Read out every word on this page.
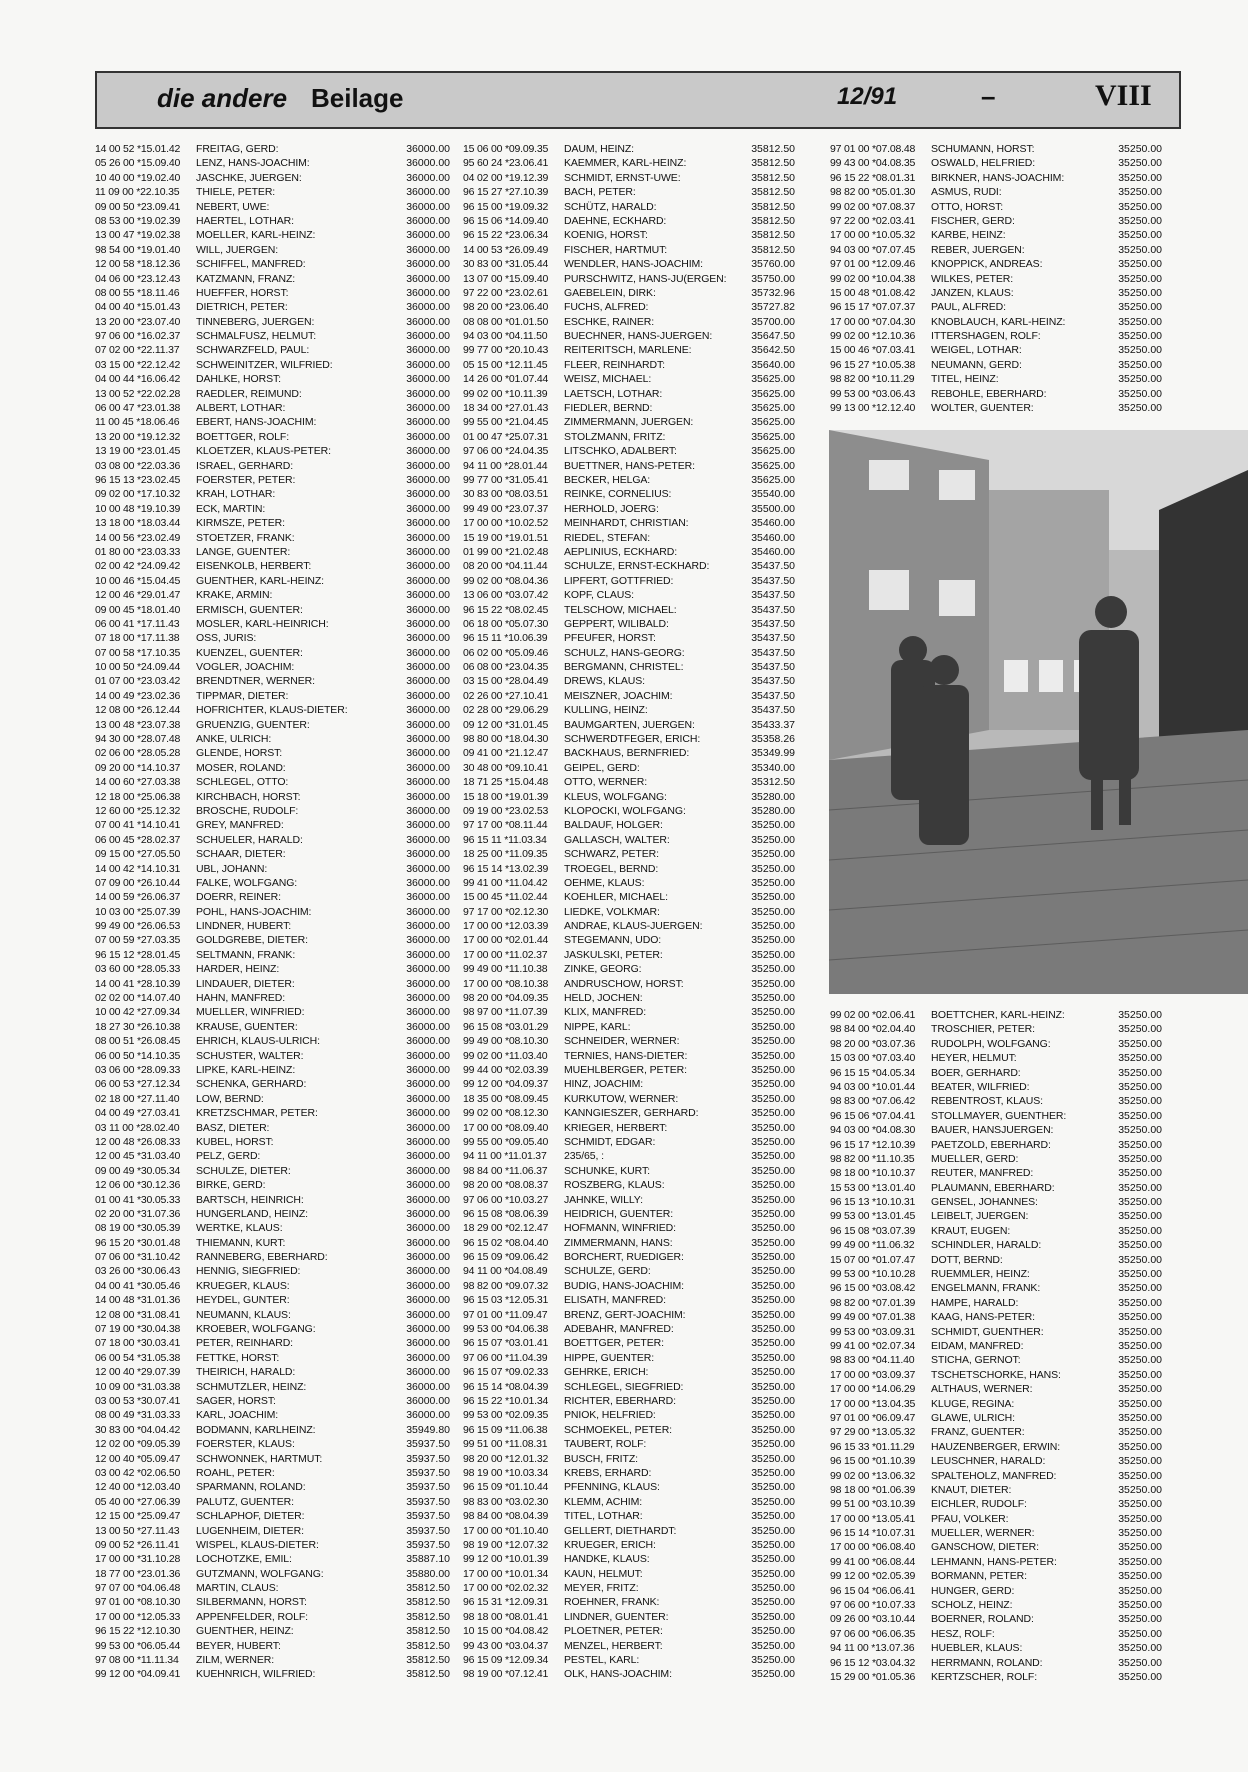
die andere Beilage	12/91	–	VIII
14 00 52 *15.01.42	FREITAG, GERD:	36000.00
05 26 00 *15.09.40	LENZ, HANS-JOACHIM:	36000.00
10 40 00 *19.02.40	JASCHKE, JUERGEN:	36000.00
11 09 00 *22.10.35	THIELE, PETER:	36000.00
09 00 50 *23.09.41	NEBERT, UWE:	36000.00
08 53 00 *19.02.39	HAERTEL, LOTHAR:	36000.00
13 00 47 *19.02.38	MOELLER, KARL-HEINZ:	36000.00
98 54 00 *19.01.40	WILL, JUERGEN:	36000.00
12 00 58 *18.12.36	SCHIFFEL, MANFRED:	36000.00
04 06 00 *23.12.43	KATZMANN, FRANZ:	36000.00
08 00 55 *18.11.46	HUEFFER, HORST:	36000.00
04 00 40 *15.01.43	DIETRICH, PETER:	36000.00
13 20 00 *23.07.40	TINNEBERG, JUERGEN:	36000.00
97 06 00 *16.02.37	SCHMALFUSZ, HELMUT:	36000.00
07 02 00 *22.11.37	SCHWARZFELD, PAUL:	36000.00
03 15 00 *22.12.42	SCHWEINITZER, WILFRIED:	36000.00
04 00 44 *16.06.42	DAHLKE, HORST:	36000.00
13 00 52 *22.02.28	RAEDLER, REIMUND:	36000.00
06 00 47 *23.01.38	ALBERT, LOTHAR:	36000.00
11 00 45 *18.06.46	EBERT, HANS-JOACHIM:	36000.00
13 20 00 *19.12.32	BOETTGER, ROLF:	36000.00
13 19 00 *23.01.45	KLOETZER, KLAUS-PETER:	36000.00
03 08 00 *22.03.36	ISRAEL, GERHARD:	36000.00
96 15 13 *23.02.45	FOERSTER, PETER:	36000.00
09 02 00 *17.10.32	KRAH, LOTHAR:	36000.00
10 00 48 *19.10.39	ECK, MARTIN:	36000.00
13 18 00 *18.03.44	KIRMSZE, PETER:	36000.00
14 00 56 *23.02.49	STOETZER, FRANK:	36000.00
01 80 00 *23.03.33	LANGE, GUENTER:	36000.00
02 00 42 *24.09.42	EISENKOLB, HERBERT:	36000.00
10 00 46 *15.04.45	GUENTHER, KARL-HEINZ:	36000.00
12 00 46 *29.01.47	KRAKE, ARMIN:	36000.00
09 00 45 *18.01.40	ERMISCH, GUENTER:	36000.00
06 00 41 *17.11.43	MOSLER, KARL-HEINRICH:	36000.00
07 18 00 *17.11.38	OSS, JURIS:	36000.00
07 00 58 *17.10.35	KUENZEL, GUENTER:	36000.00
10 00 50 *24.09.44	VOGLER, JOACHIM:	36000.00
01 07 00 *23.03.42	BRENDTNER, WERNER:	36000.00
14 00 49 *23.02.36	TIPPMAR, DIETER:	36000.00
12 08 00 *26.12.44	HOFRICHTER, KLAUS-DIETER:	36000.00
13 00 48 *23.07.38	GRUENZIG, GUENTER:	36000.00
94 30 00 *28.07.48	ANKE, ULRICH:	36000.00
02 06 00 *28.05.28	GLENDE, HORST:	36000.00
09 20 00 *14.10.37	MOSER, ROLAND:	36000.00
14 00 60 *27.03.38	SCHLEGEL, OTTO:	36000.00
12 18 00 *25.06.38	KIRCHBACH, HORST:	36000.00
12 60 00 *25.12.32	BROSCHE, RUDOLF:	36000.00
07 00 41 *14.10.41	GREY, MANFRED:	36000.00
06 00 45 *28.02.37	SCHUELER, HARALD:	36000.00
09 15 00 *27.05.50	SCHAAR, DIETER:	36000.00
14 00 42 *14.10.31	UBL, JOHANN:	36000.00
07 09 00 *26.10.44	FALKE, WOLFGANG:	36000.00
14 00 59 *26.06.37	DOERR, REINER:	36000.00
10 03 00 *25.07.39	POHL, HANS-JOACHIM:	36000.00
99 49 00 *26.06.53	LINDNER, HUBERT:	36000.00
07 00 59 *27.03.35	GOLDGREBE, DIETER:	36000.00
96 15 12 *28.01.45	SELTMANN, FRANK:	36000.00
03 60 00 *28.05.33	HARDER, HEINZ:	36000.00
14 00 41 *28.10.39	LINDAUER, DIETER:	36000.00
02 02 00 *14.07.40	HAHN, MANFRED:	36000.00
10 00 42 *27.09.34	MUELLER, WINFRIED:	36000.00
18 27 30 *26.10.38	KRAUSE, GUENTER:	36000.00
08 00 51 *26.08.45	EHRICH, KLAUS-ULRICH:	36000.00
06 00 50 *14.10.35	SCHUSTER, WALTER:	36000.00
03 06 00 *28.09.33	LIPKE, KARL-HEINZ:	36000.00
06 00 53 *27.12.34	SCHENKA, GERHARD:	36000.00
02 18 00 *27.11.40	LOW, BERND:	36000.00
04 00 49 *27.03.41	KRETZSCHMAR, PETER:	36000.00
03 11 00 *28.02.40	BASZ, DIETER:	36000.00
12 00 48 *26.08.33	KUBEL, HORST:	36000.00
12 00 45 *31.03.40	PELZ, GERD:	36000.00
09 00 49 *30.05.34	SCHULZE, DIETER:	36000.00
12 06 00 *30.12.36	BIRKE, GERD:	36000.00
01 00 41 *30.05.33	BARTSCH, HEINRICH:	36000.00
02 20 00 *31.07.36	HUNGERLAND, HEINZ:	36000.00
08 19 00 *30.05.39	WERTKE, KLAUS:	36000.00
96 15 20 *30.01.48	THIEMANN, KURT:	36000.00
07 06 00 *31.10.42	RANNEBERG, EBERHARD:	36000.00
03 26 00 *30.06.43	HENNIG, SIEGFRIED:	36000.00
04 00 41 *30.05.46	KRUEGER, KLAUS:	36000.00
14 00 48 *31.01.36	HEYDEL, GUNTER:	36000.00
12 08 00 *31.08.41	NEUMANN, KLAUS:	36000.00
07 19 00 *30.04.38	KROEBER, WOLFGANG:	36000.00
07 18 00 *30.03.41	PETER, REINHARD:	36000.00
06 00 54 *31.05.38	FETTKE, HORST:	36000.00
12 00 40 *29.07.39	THEIRICH, HARALD:	36000.00
10 09 00 *31.03.38	SCHMUTZLER, HEINZ:	36000.00
03 00 53 *30.07.41	SAGER, HORST:	36000.00
08 00 49 *31.03.33	KARL, JOACHIM:	36000.00
30 83 00 *04.04.42	BODMANN, KARLHEINZ:	35949.80
12 02 00 *09.05.39	FOERSTER, KLAUS:	35937.50
12 00 40 *05.09.47	SCHWONNEK, HARTMUT:	35937.50
03 00 42 *02.06.50	ROAHL, PETER:	35937.50
12 40 00 *12.03.40	SPARMANN, ROLAND:	35937.50
05 40 00 *27.06.39	PALUTZ, GUENTER:	35937.50
12 15 00 *25.09.47	SCHLAPHOF, DIETER:	35937.50
13 00 50 *27.11.43	LUGENHEIM, DIETER:	35937.50
09 00 52 *26.11.41	WISPEL, KLAUS-DIETER:	35937.50
17 00 00 *31.10.28	LOCHOTZKE, EMIL:	35887.10
18 77 00 *23.01.36	GUTZMANN, WOLFGANG:	35880.00
97 07 00 *04.06.48	MARTIN, CLAUS:	35812.50
97 01 00 *08.10.30	SILBERMANN, HORST:	35812.50
17 00 00 *12.05.33	APPENFELDER, ROLF:	35812.50
96 15 22 *12.10.30	GUENTHER, HEINZ:	35812.50
99 53 00 *06.05.44	BEYER, HUBERT:	35812.50
97 08 00 *11.11.34	ZILM, WERNER:	35812.50
99 12 00 *04.09.41	KUEHNRICH, WILFRIED:	35812.50
15 06 00 *09.09.35	DAUM, HEINZ:	35812.50
95 60 24 *23.06.41	KAEMMER, KARL-HEINZ:	35812.50
04 02 00 *19.12.39	SCHMIDT, ERNST-UWE:	35812.50
96 15 27 *27.10.39	BACH, PETER:	35812.50
96 15 00 *19.09.32	SCHÜTZ, HARALD:	35812.50
96 15 06 *14.09.40	DAEHNE, ECKHARD:	35812.50
96 15 22 *23.06.34	KOENIG, HORST:	35812.50
14 00 53 *26.09.49	FISCHER, HARTMUT:	35812.50
30 83 00 *31.05.44	WENDLER, HANS-JOACHIM:	35760.00
13 07 00 *15.09.40	PURSCHWITZ, HANS-JU(ERGEN:	35750.00
97 22 00 *23.02.61	GAEBELEIN, DIRK:	35732.96
98 20 00 *23.06.40	FUCHS, ALFRED:	35727.82
08 08 00 *01.01.50	ESCHKE, RAINER:	35700.00
94 03 00 *04.11.50	BUECHNER, HANS-JUERGEN:	35647.50
99 77 00 *20.10.43	REITERITSCH, MARLENE:	35642.50
05 15 00 *12.11.45	FLEER, REINHARDT:	35640.00
14 26 00 *01.07.44	WEISZ, MICHAEL:	35625.00
99 02 00 *10.11.39	LAETSCH, LOTHAR:	35625.00
18 34 00 *27.01.43	FIEDLER, BERND:	35625.00
99 55 00 *21.04.45	ZIMMERMANN, JUERGEN:	35625.00
01 00 47 *25.07.31	STOLZMANN, FRITZ:	35625.00
97 06 00 *24.04.35	LITSCHKO, ADALBERT:	35625.00
94 11 00 *28.01.44	BUETTNER, HANS-PETER:	35625.00
99 77 00 *31.05.41	BECKER, HELGA:	35625.00
30 83 00 *08.03.51	REINKE, CORNELIUS:	35540.00
99 49 00 *23.07.37	HERHOLD, JOERG:	35500.00
17 00 00 *10.02.52	MEINHARDT, CHRISTIAN:	35460.00
15 19 00 *19.01.51	RIEDEL, STEFAN:	35460.00
01 99 00 *21.02.48	AEPLINIUS, ECKHARD:	35460.00
08 20 00 *04.11.44	SCHULZE, ERNST-ECKHARD:	35437.50
99 02 00 *08.04.36	LIPFERT, GOTTFRIED:	35437.50
13 06 00 *03.07.42	KOPF, CLAUS:	35437.50
96 15 22 *08.02.45	TELSCHOW, MICHAEL:	35437.50
06 18 00 *05.07.30	GEPPERT, WILIBALD:	35437.50
96 15 11 *10.06.39	PFEUFER, HORST:	35437.50
06 02 00 *05.09.46	SCHULZ, HANS-GEORG:	35437.50
06 08 00 *23.04.35	BERGMANN, CHRISTEL:	35437.50
03 15 00 *28.04.49	DREWS, KLAUS:	35437.50
02 26 00 *27.10.41	MEISZNER, JOACHIM:	35437.50
02 28 00 *29.06.29	KULLING, HEINZ:	35437.50
09 12 00 *31.01.45	BAUMGARTEN, JUERGEN:	35433.37
98 80 00 *18.04.30	SCHWERDTFEGER, ERICH:	35358.26
09 41 00 *21.12.47	BACKHAUS, BERNFRIED:	35349.99
30 48 00 *09.10.41	GEIPEL, GERD:	35340.00
18 71 25 *15.04.48	OTTO, WERNER:	35312.50
15 18 00 *19.01.39	KLEUS, WOLFGANG:	35280.00
09 19 00 *23.02.53	KLOPOCKI, WOLFGANG:	35280.00
97 17 00 *08.11.44	BALDAUF, HOLGER:	35250.00
96 15 11 *11.03.34	GALLASCH, WALTER:	35250.00
18 25 00 *11.09.35	SCHWARZ, PETER:	35250.00
96 15 14 *13.02.39	TROEGEL, BERND:	35250.00
99 41 00 *11.04.42	OEHME, KLAUS:	35250.00
15 00 45 *11.02.44	KOEHLER, MICHAEL:	35250.00
97 17 00 *02.12.30	LIEDKE, VOLKMAR:	35250.00
17 00 00 *12.03.39	ANDRAE, KLAUS-JUERGEN:	35250.00
17 00 00 *02.01.44	STEGEMANN, UDO:	35250.00
17 00 00 *11.02.37	JASKULSKI, PETER:	35250.00
99 49 00 *11.10.38	ZINKE, GEORG:	35250.00
17 00 00 *08.10.38	ANDRUSCHOW, HORST:	35250.00
98 20 00 *04.09.35	HELD, JOCHEN:	35250.00
98 97 00 *11.07.39	KLIX, MANFRED:	35250.00
96 15 08 *03.01.29	NIPPE, KARL:	35250.00
99 49 00 *08.10.30	SCHNEIDER, WERNER:	35250.00
99 02 00 *11.03.40	TERNIES, HANS-DIETER:	35250.00
99 44 00 *02.03.39	MUEHLBERGER, PETER:	35250.00
99 12 00 *04.09.37	HINZ, JOACHIM:	35250.00
18 35 00 *08.09.45	KURKUTOW, WERNER:	35250.00
99 02 00 *08.12.30	KANNGIESZER, GERHARD:	35250.00
17 00 00 *08.09.40	KRIEGER, HERBERT:	35250.00
99 55 00 *09.05.40	SCHMIDT, EDGAR:	35250.00
94 11 00 *11.01.37	235/65, :	35250.00
98 84 00 *11.06.37	SCHUNKE, KURT:	35250.00
98 20 00 *08.08.37	ROSZBERG, KLAUS:	35250.00
97 06 00 *10.03.27	JAHNKE, WILLY:	35250.00
96 15 08 *08.06.39	HEIDRICH, GUENTER:	35250.00
18 29 00 *02.12.47	HOFMANN, WINFRIED:	35250.00
96 15 02 *08.04.40	ZIMMERMANN, HANS:	35250.00
96 15 09 *09.06.42	BORCHERT, RUEDIGER:	35250.00
94 11 00 *04.08.49	SCHULZE, GERD:	35250.00
98 82 00 *09.07.32	BUDIG, HANS-JOACHIM:	35250.00
96 15 03 *12.05.31	ELISATH, MANFRED:	35250.00
97 01 00 *11.09.47	BRENZ, GERT-JOACHIM:	35250.00
99 53 00 *04.06.38	ADEBAHR, MANFRED:	35250.00
96 15 07 *03.01.41	BOETTGER, PETER:	35250.00
97 06 00 *11.04.39	HIPPE, GUENTER:	35250.00
96 15 07 *09.02.33	GEHRKE, ERICH:	35250.00
96 15 14 *08.04.39	SCHLEGEL, SIEGFRIED:	35250.00
96 15 22 *10.01.34	RICHTER, EBERHARD:	35250.00
99 53 00 *02.09.35	PNIOK, HELFRIED:	35250.00
96 15 09 *11.06.38	SCHMOEKEL, PETER:	35250.00
99 51 00 *11.08.31	TAUBERT, ROLF:	35250.00
98 20 00 *12.01.32	BUSCH, FRITZ:	35250.00
98 19 00 *10.03.34	KREBS, ERHARD:	35250.00
96 15 09 *01.10.44	PFENNING, KLAUS:	35250.00
98 83 00 *03.02.30	KLEMM, ACHIM:	35250.00
98 84 00 *08.04.39	TITEL, LOTHAR:	35250.00
17 00 00 *01.10.40	GELLERT, DIETHARDT:	35250.00
98 19 00 *12.07.32	KRUEGER, ERICH:	35250.00
99 12 00 *10.01.39	HANDKE, KLAUS:	35250.00
17 00 00 *10.01.34	KAUN, HELMUT:	35250.00
17 00 00 *02.02.32	MEYER, FRITZ:	35250.00
96 15 31 *12.09.31	ROEHNER, FRANK:	35250.00
98 18 00 *08.01.41	LINDNER, GUENTER:	35250.00
10 15 00 *04.08.42	PLOETNER, PETER:	35250.00
99 43 00 *03.04.37	MENZEL, HERBERT:	35250.00
96 15 09 *12.09.34	PESTEL, KARL:	35250.00
98 19 00 *07.12.41	OLK, HANS-JOACHIM:	35250.00
97 01 00 *07.08.48	SCHUMANN, HORST:	35250.00
99 43 00 *04.08.35	OSWALD, HELFRIED:	35250.00
96 15 22 *08.01.31	BIRKNER, HANS-JOACHIM:	35250.00
98 82 00 *05.01.30	ASMUS, RUDI:	35250.00
99 02 00 *07.08.37	OTTO, HORST:	35250.00
97 22 00 *02.03.41	FISCHER, GERD:	35250.00
17 00 00 *10.05.32	KARBE, HEINZ:	35250.00
94 03 00 *07.07.45	REBER, JUERGEN:	35250.00
97 01 00 *12.09.46	KNOPPICK, ANDREAS:	35250.00
99 02 00 *10.04.38	WILKES, PETER:	35250.00
15 00 48 *01.08.42	JANZEN, KLAUS:	35250.00
96 15 17 *07.07.37	PAUL, ALFRED:	35250.00
17 00 00 *07.04.30	KNOBLAUCH, KARL-HEINZ:	35250.00
99 02 00 *12.10.36	ITTERSHAGEN, ROLF:	35250.00
15 00 46 *07.03.41	WEIGEL, LOTHAR:	35250.00
96 15 27 *10.05.38	NEUMANN, GERD:	35250.00
98 82 00 *10.11.29	TITEL, HEINZ:	35250.00
99 53 00 *03.06.43	REBOHLE, EBERHARD:	35250.00
99 13 00 *12.12.40	WOLTER, GUENTER:	35250.00
99 02 00 *02.06.41	BOETTCHER, KARL-HEINZ:	35250.00
98 84 00 *02.04.40	TROSCHIER, PETER:	35250.00
98 20 00 *03.07.36	RUDOLPH, WOLFGANG:	35250.00
15 03 00 *07.03.40	HEYER, HELMUT:	35250.00
96 15 15 *04.05.34	BOER, GERHARD:	35250.00
94 03 00 *10.01.44	BEATER, WILFRIED:	35250.00
98 83 00 *07.06.42	REBENTROST, KLAUS:	35250.00
96 15 06 *07.04.41	STOLLMAYER, GUENTHER:	35250.00
94 03 00 *04.08.30	BAUER, HANSJUERGEN:	35250.00
96 15 17 *12.10.39	PAETZOLD, EBERHARD:	35250.00
98 82 00 *11.10.35	MUELLER, GERD:	35250.00
98 18 00 *10.10.37	REUTER, MANFRED:	35250.00
15 53 00 *13.01.40	PLAUMANN, EBERHARD:	35250.00
96 15 13 *10.10.31	GENSEL, JOHANNES:	35250.00
99 53 00 *13.01.45	LEIBELT, JUERGEN:	35250.00
96 15 08 *03.07.39	KRAUT, EUGEN:	35250.00
99 49 00 *11.06.32	SCHINDLER, HARALD:	35250.00
15 07 00 *01.07.47	DOTT, BERND:	35250.00
99 53 00 *10.10.28	RUEMMLER, HEINZ:	35250.00
96 15 00 *03.08.42	ENGELMANN, FRANK:	35250.00
98 82 00 *07.01.39	HAMPE, HARALD:	35250.00
99 49 00 *07.01.38	KAAG, HANS-PETER:	35250.00
99 53 00 *03.09.31	SCHMIDT, GUENTHER:	35250.00
99 41 00 *02.07.34	EIDAM, MANFRED:	35250.00
98 83 00 *04.11.40	STICHA, GERNOT:	35250.00
17 00 00 *03.09.37	TSCHETSCHORKE, HANS:	35250.00
17 00 00 *14.06.29	ALTHAUS, WERNER:	35250.00
17 00 00 *13.04.35	KLUGE, REGINA:	35250.00
97 01 00 *06.09.47	GLAWE, ULRICH:	35250.00
97 29 00 *13.05.32	FRANZ, GUENTER:	35250.00
96 15 33 *01.11.29	HAUZENBERGER, ERWIN:	35250.00
96 15 00 *01.10.39	LEUSCHNER, HARALD:	35250.00
99 02 00 *13.06.32	SPALTEHOLZ, MANFRED:	35250.00
98 18 00 *01.06.39	KNAUT, DIETER:	35250.00
99 51 00 *03.10.39	EICHLER, RUDOLF:	35250.00
17 00 00 *13.05.41	PFAU, VOLKER:	35250.00
96 15 14 *10.07.31	MUELLER, WERNER:	35250.00
17 00 00 *06.08.40	GANSCHOW, DIETER:	35250.00
99 41 00 *06.08.44	LEHMANN, HANS-PETER:	35250.00
99 12 00 *02.05.39	BORMANN, PETER:	35250.00
96 15 04 *06.06.41	HUNGER, GERD:	35250.00
97 06 00 *10.07.33	SCHOLZ, HEINZ:	35250.00
09 26 00 *03.10.44	BOERNER, ROLAND:	35250.00
97 06 00 *06.06.35	HESZ, ROLF:	35250.00
94 11 00 *13.07.36	HUEBLER, KLAUS:	35250.00
96 15 12 *03.04.32	HERRMANN, ROLAND:	35250.00
15 29 00 *01.05.36	KERTZSCHER, ROLF:	35250.00
